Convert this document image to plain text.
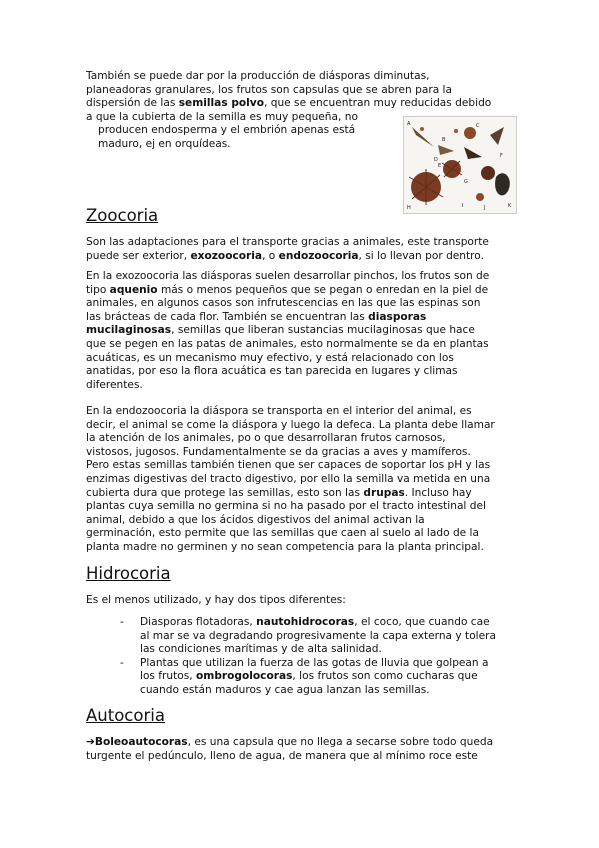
También se puede dar por la producción de diásporas diminutas,

planeadoras granulares, los frutos son capsulas que se abren para la

dispersión de las semillas polvo, que se encuentran muy reducidas debido

a que la cubierta de la semilla es muy pequeña, no

producen endosperma y el embrión apenas está

maduro, ej en orquídeas.

A
B
C
D
E
F
G
H	I	J	K
Zoocoria

Son las adaptaciones para el transporte gracias a animales, este transporte

puede ser exterior, exozoocoria, o endozoocoria, si lo llevan por dentro.

En la exozoocoria las diásporas suelen desarrollar pinchos, los frutos son de

tipo aquenio más o menos pequeños que se pegan o enredan en la piel de

animales, en algunos casos son infrutescencias en las que las espinas son

las brácteas de cada flor. También se encuentran las diasporas

mucilaginosas, semillas que liberan sustancias mucilaginosas que hace

que se pegen en las patas de animales, esto normalmente se da en plantas

acuáticas, es un mecanismo muy efectivo, y está relacionado con los

anatidas, por eso la flora acuática es tan parecida en lugares y climas

diferentes.

En la endozoocoria la diáspora se transporta en el interior del animal, es

decir, el animal se come la diáspora y luego la defeca. La planta debe llamar

la atención de los animales, po o que desarrollaran frutos carnosos,

vistosos, jugosos. Fundamentalmente se da gracias a aves y mamíferos.

Pero estas semillas también tienen que ser capaces de soportar los pH y las

enzimas digestivas del tracto digestivo, por ello la semilla va metida en una

cubierta dura que protege las semillas, esto son las drupas. Incluso hay

plantas cuya semilla no germina si no ha pasado por el tracto intestinal del

animal, debido a que los ácidos digestivos del animal activan la

germinación, esto permite que las semillas que caen al suelo al lado de la

planta madre no germinen y no sean competencia para la planta principal.

Hidrocoria

Es el menos utilizado, y hay dos tipos diferentes:

- Diasporas flotadoras, nautohidrocoras, el coco, que cuando cae

al mar se va degradando progresivamente la capa externa y tolera

las condiciones marítimas y de alta salinidad.

- Plantas que utilizan la fuerza de las gotas de lluvia que golpean a

los frutos, ombrogolocoras, los frutos son como cucharas que

cuando están maduros y cae agua lanzan las semillas.

Autocoria

➔Boleoautocoras, es una capsula que no llega a secarse sobre todo queda

turgente el pedúnculo, lleno de agua, de manera que al mínimo roce este
